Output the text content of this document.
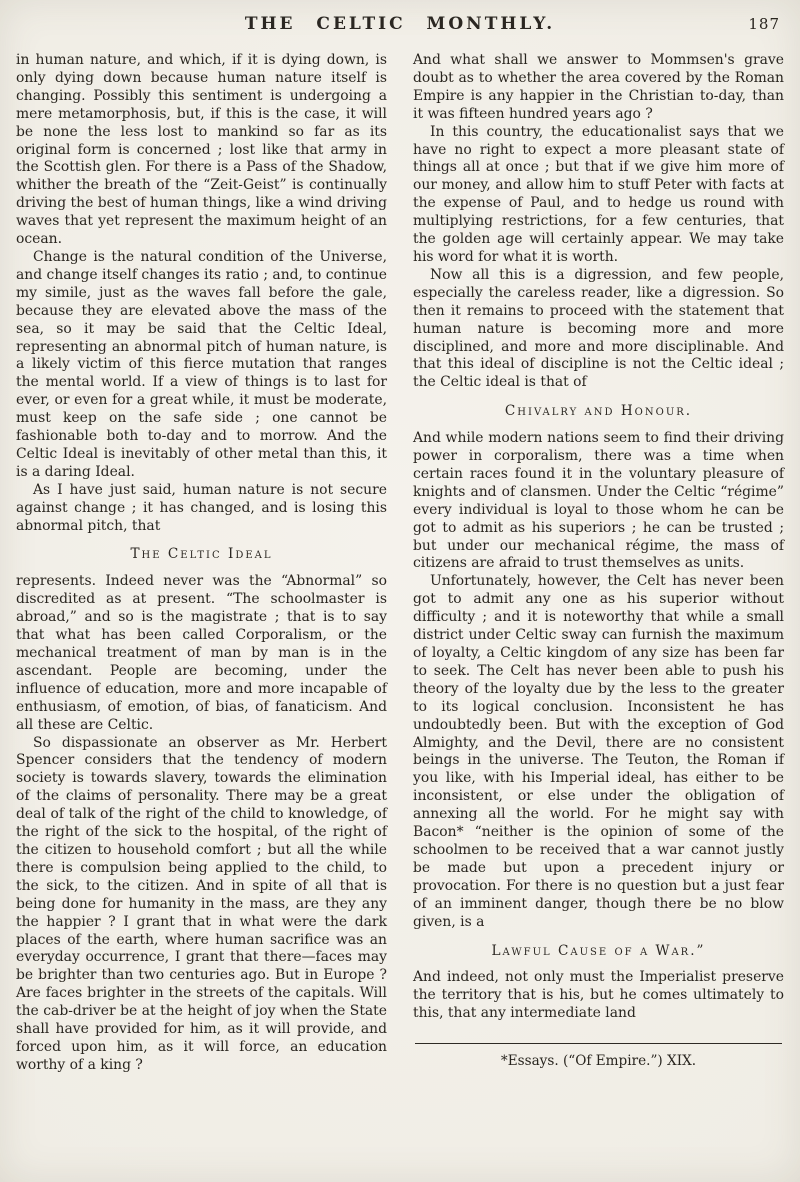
THE CELTIC MONTHLY.	187

in human nature, and which, if it is dying down, is only dying down because human nature itself is changing. Possibly this sentiment is undergoing a mere metamorphosis, but, if this is the case, it will be none the less lost to mankind so far as its original form is concerned ; lost like that army in the Scottish glen. For there is a Pass of the Shadow, whither the breath of the “Zeit-Geist” is continually driving the best of human things, like a wind driving waves that yet represent the maximum height of an ocean.

Change is the natural condition of the Universe, and change itself changes its ratio ; and, to continue my simile, just as the waves fall before the gale, because they are elevated above the mass of the sea, so it may be said that the Celtic Ideal, representing an abnormal pitch of human nature, is a likely victim of this fierce mutation that ranges the mental world. If a view of things is to last for ever, or even for a great while, it must be moderate, must keep on the safe side ; one cannot be fashionable both to-day and to morrow. And the Celtic Ideal is inevitably of other metal than this, it is a daring Ideal.

As I have just said, human nature is not secure against change ; it has changed, and is losing this abnormal pitch, that

The Celtic Ideal

represents. Indeed never was the “Abnormal” so discredited as at present. “The schoolmaster is abroad,” and so is the magistrate ; that is to say that what has been called Corporalism, or the mechanical treatment of man by man is in the ascendant. People are becoming, under the influence of education, more and more incapable of enthusiasm, of emotion, of bias, of fanaticism. And all these are Celtic.

So dispassionate an observer as Mr. Herbert Spencer considers that the tendency of modern society is towards slavery, towards the elimination of the claims of personality. There may be a great deal of talk of the right of the child to knowledge, of the right of the sick to the hospital, of the right of the citizen to household comfort ; but all the while there is compulsion being applied to the child, to the sick, to the citizen. And in spite of all that is being done for humanity in the mass, are they any the happier ? I grant that in what were the dark places of the earth, where human sacrifice was an everyday occurrence, I grant that there—faces may be brighter than two centuries ago. But in Europe ? Are faces brighter in the streets of the capitals. Will the cab-driver be at the height of joy when the State shall have provided for him, as it will provide, and forced upon him, as it will force, an education worthy of a king ?

And what shall we answer to Mommsen's grave doubt as to whether the area covered by the Roman Empire is any happier in the Christian to-day, than it was fifteen hundred years ago ?

In this country, the educationalist says that we have no right to expect a more pleasant state of things all at once ; but that if we give him more of our money, and allow him to stuff Peter with facts at the expense of Paul, and to hedge us round with multiplying restrictions, for a few centuries, that the golden age will certainly appear. We may take his word for what it is worth.

Now all this is a digression, and few people, especially the careless reader, like a digression. So then it remains to proceed with the statement that human nature is becoming more and more disciplined, and more and more disciplinable. And that this ideal of discipline is not the Celtic ideal ; the Celtic ideal is that of

Chivalry and Honour.

And while modern nations seem to find their driving power in corporalism, there was a time when certain races found it in the voluntary pleasure of knights and of clansmen. Under the Celtic “régime” every individual is loyal to those whom he can be got to admit as his superiors ; he can be trusted ; but under our mechanical régime, the mass of citizens are afraid to trust themselves as units.

Unfortunately, however, the Celt has never been got to admit any one as his superior without difficulty ; and it is noteworthy that while a small district under Celtic sway can furnish the maximum of loyalty, a Celtic kingdom of any size has been far to seek. The Celt has never been able to push his theory of the loyalty due by the less to the greater to its logical conclusion. Inconsistent he has undoubtedly been. But with the exception of God Almighty, and the Devil, there are no consistent beings in the universe. The Teuton, the Roman if you like, with his Imperial ideal, has either to be inconsistent, or else under the obligation of annexing all the world. For he might say with Bacon* “neither is the opinion of some of the schoolmen to be received that a war cannot justly be made but upon a precedent injury or provocation. For there is no question but a just fear of an imminent danger, though there be no blow given, is a

Lawful Cause of a War.”

And indeed, not only must the Imperialist preserve the territory that is his, but he comes ultimately to this, that any intermediate land

*Essays. (“Of Empire.”) XIX.
